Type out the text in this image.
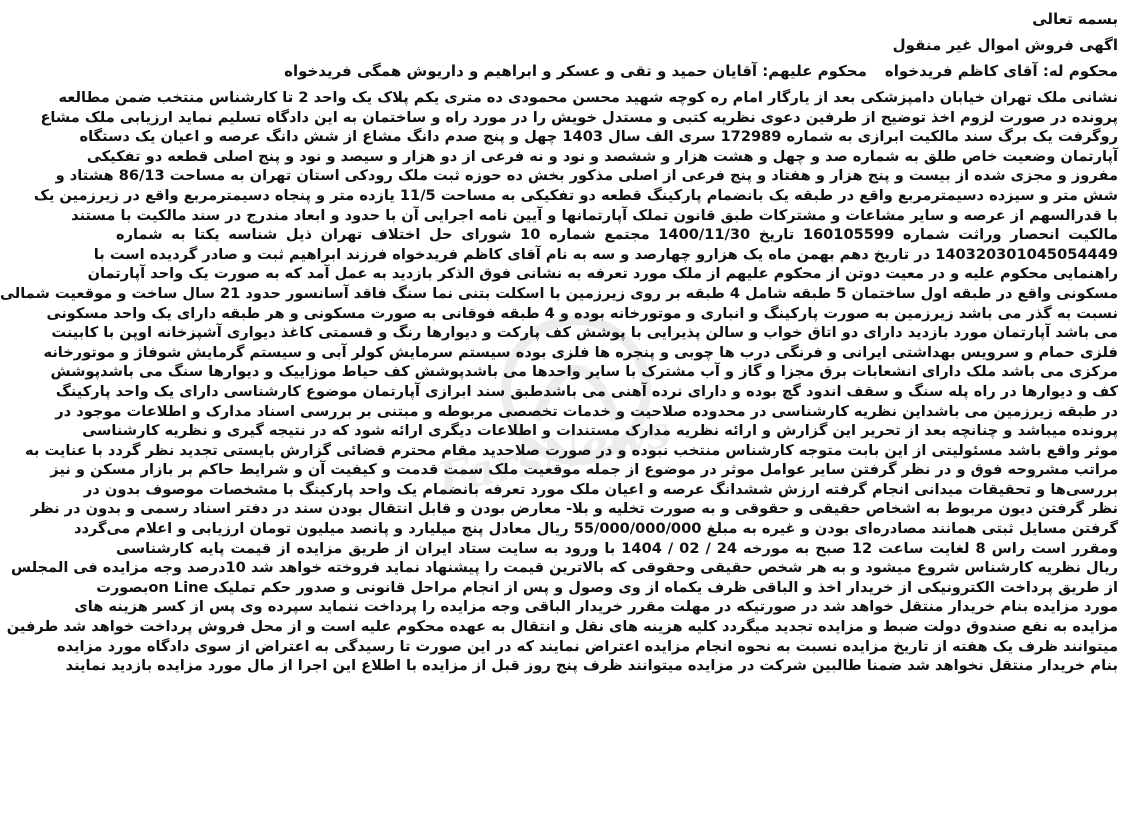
بسمه تعالی
اگهی فروش اموال غیر منقول
محکوم له: آقای کاظم فریدخواهمحکوم علیهم: آقایان حمید و تقی و عسکر و ابراهیم و داریوش همگی فریدخواه
نشانی ملک تهران خیابان دامپزشکی بعد از یارگار امام ره کوچه شهید محسن محمودی ده متری یکم پلاک یک واحد 2 تا کارشناس منتخب ضمن مطالعه
پرونده در صورت لزوم اخذ توضیح از طرفین دعوی نظریه کتبی و مستدل خویش را در مورد راه و ساختمان به این دادگاه تسلیم نماید ارزیابی ملک مشاع
روگرفت یک برگ سند مالکیت ابرازی به شماره 172989 سری الف سال 1403 چهل و پنج صدم دانگ مشاع از شش دانگ عرصه و اعیان یک دستگاه
آپارتمان وضعیت خاص طلق به شماره صد و چهل و هشت هزار و ششصد و نود و نه فرعی از دو هزار و سیصد و نود و پنج اصلی قطعه دو تفکیکی
مفروز و مجزی شده از بیست و پنج هزار و هفتاد و پنج فرعی از اصلی مذکور بخش ده حوزه ثبت ملک رودکی استان تهران به مساحت 86/13 هشتاد و
شش متر و سیزده دسیمترمربع واقع در طبقه یک بانضمام پارکینگ قطعه دو تفکیکی به مساحت 11/5 یازده متر و پنجاه دسیمترمربع واقع در زیرزمین یک
با قدرالسهم از عرصه و سایر مشاعات و مشترکات طبق قانون تملک آپارتمانها و آیین نامه اجرایی آن با حدود و ابعاد مندرج در سند مالکیت با مستند
مالکیت انحصار وراثت شماره 160105599 تاریخ 1400/11/30 مجتمع شماره 10 شورای حل اختلاف تهران ذیل شناسه یکتا به شماره
140320301045054449 در تاریخ دهم بهمن ماه یک هزارو چهارصد و سه به نام آقای کاظم فریدخواه فرزند ابراهیم ثبت و صادر گردیده است با
راهنمایی محکوم علیه و در معیت دوتن از محکوم علیهم از ملک مورد تعرفه به نشانی فوق الذکر بازدید به عمل آمد که به صورت یک واحد آپارتمان
مسکونی واقع در طبقه اول ساختمان 5 طبقه شامل 4 طبقه بر روی زیرزمین با اسکلت بتنی نما سنگ فاقد آسانسور حدود 21 سال ساخت و موقعیت شمالی
نسبت به گذر می باشد زیرزمین به صورت پارکینگ و انباری و موتورخانه بوده و 4 طبقه فوقانی به صورت مسکونی و هر طبقه دارای یک واحد مسکونی
می باشد آپارتمان مورد بازدید دارای دو اتاق خواب و سالن پذیرایی با پوشش کف پارکت و دیوارها رنگ و قسمتی کاغذ دیواری آشپزخانه اوپن با کابینت
فلزی حمام و سرویس بهداشتی ایرانی و فرنگی درب ها چوبی و پنجره ها فلزی بوده سیستم سرمایش کولر آبی و سیستم گرمایش شوفاژ و موتورخانه
مرکزی می باشد ملک دارای انشعابات برق مجزا و گاز و آب مشترک با سایر واحدها می باشدپوشش کف حیاط موزاییک و دیوارها سنگ می باشدپوشش
کف و دیوارها در راه پله سنگ و سقف اندود گچ بوده و دارای نرده آهنی می باشدطبق سند ابرازی آپارتمان موضوع کارشناسی دارای یک واحد پارکینگ
در طبقه زیرزمین می باشداین نظریه کارشناسی در محدوده صلاحیت و خدمات تخصصی مربوطه و مبتنی بر بررسی اسناد مدارک و اطلاعات موجود در
پرونده میباشد و چنانچه بعد از تحریر این گزارش و ارائه نظریه مدارک مستندات و اطلاعات دیگری ارائه شود که در نتیجه گیری و نظریه کارشناسی
موثر واقع باشد مسئولیتی از این بابت متوجه کارشناس منتخب نبوده و در صورت صلاحدید مقام محترم قضائی گزارش بایستی تجدید نظر گردد با عنایت به
مراتب مشروحه فوق و در نظر گرفتن سایر عوامل موثر در موضوع از جمله موقعیت ملک سمت قدمت و کیفیت آن و شرایط حاکم بر بازار مسکن و نیز
بررسی‌ها و تحقیقات میدانی انجام گرفته ارزش ششدانگ عرصه و اعیان ملک مورد تعرفه بانضمام یک واحد پارکینگ با مشخصات موصوف بدون در
نظر گرفتن دیون مربوط به اشخاص حقیقی و حقوقی و به صورت تخلیه و بلا- معارض بودن و قابل انتقال بودن سند در دفتر اسناد رسمی و بدون در نظر
گرفتن مسایل ثبتی همانند مصادره‌ای بودن و غیره به مبلغ 55/000/000/000 ریال معادل پنج میلیارد و پانصد میلیون تومان ارزیابی و اعلام می‌گردد
ومقرر است راس 8 لغایت ساعت 12 صبح به مورخه 24 / 02 / 1404 با ورود به سایت ستاد ایران از طریق مزایده از قیمت پایه کارشناسی
ریال نظریه کارشناس شروع میشود و به هر شخص حقیقی وحقوقی که بالاترین قیمت را پیشنهاد نماید فروخته خواهد شد 10درصد وجه مزایده فی المجلس
از طریق پرداخت الکترونیکی از خریدار اخذ و الباقی ظرف یکماه از وی وصول و پس از انجام مراحل قانونی و صدور حکم تملیک on Lineبصورت
مورد مزایده بنام خریدار منتقل خواهد شد در صورتیکه در مهلت مقرر خریدار الباقی وجه مزایده را پرداخت ننماید سپرده وی پس از کسر هزینه های
مزایده به نفع صندوق دولت ضبط و مزایده تجدید میگردد کلیه هزینه های نقل و انتقال به عهده محکوم علیه است و از محل فروش پرداخت خواهد شد طرفین
میتوانند ظرف یک هفته از تاریخ مزایده نسبت به نحوه انجام مزایده اعتراض نمایند که در این صورت تا رسیدگی به اعتراض از سوی دادگاه مورد مزایده
بنام خریدار منتقل نخواهد شد ضمنا طالبین شرکت در مزایده میتوانند ظرف پنج روز قبل از مزایده با اطلاع این اجرا از مال مورد مزایده بازدید نمایند
FarsNews
